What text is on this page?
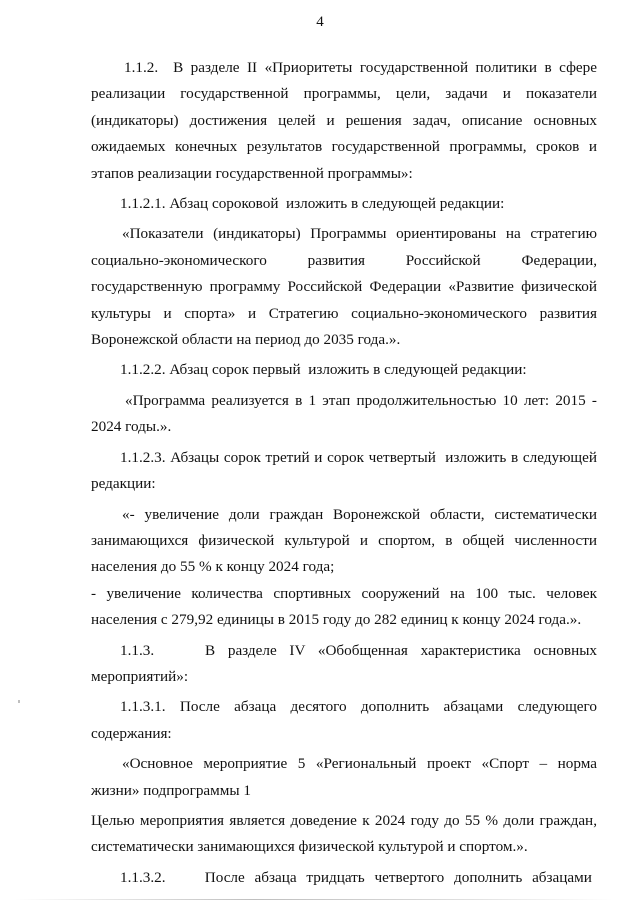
4

1.1.2.  В разделе II «Приоритеты государственной политики в сфере реализации государственной программы, цели, задачи и показатели (индикаторы) достижения целей и решения задач, описание основных ожидаемых конечных результатов государственной программы, сроков и этапов реализации государственной программы»:

1.1.2.1. Абзац сороковой  изложить в следующей редакции:

«Показатели (индикаторы) Программы ориентированы на стратегию социально-экономического развития Российской Федерации, государственную программу Российской Федерации «Развитие физической культуры и спорта» и Стратегию социально-экономического развития Воронежской области на период до 2035 года.».

1.1.2.2. Абзац сорок первый  изложить в следующей редакции:

«Программа реализуется в 1 этап продолжительностью 10 лет: 2015 - 2024 годы.».

1.1.2.3. Абзацы сорок третий и сорок четвертый  изложить в следующей редакции:

«- увеличение доли граждан Воронежской области, систематически занимающихся физической культурой и спортом, в общей численности населения до 55 % к концу 2024 года;

- увеличение количества спортивных сооружений на 100 тыс. человек населения с 279,92 единицы в 2015 году до 282 единиц к концу 2024 года.».

1.1.3.    В разделе IV «Обобщенная характеристика основных мероприятий»:

1.1.3.1. После абзаца десятого дополнить абзацами следующего содержания:

«Основное мероприятие 5 «Региональный проект «Спорт – норма жизни» подпрограммы 1

Целью мероприятия является доведение к 2024 году до 55 % доли граждан, систематически занимающихся физической культурой и спортом.».

1.1.3.2.    После абзаца тридцать четвертого дополнить абзацами
